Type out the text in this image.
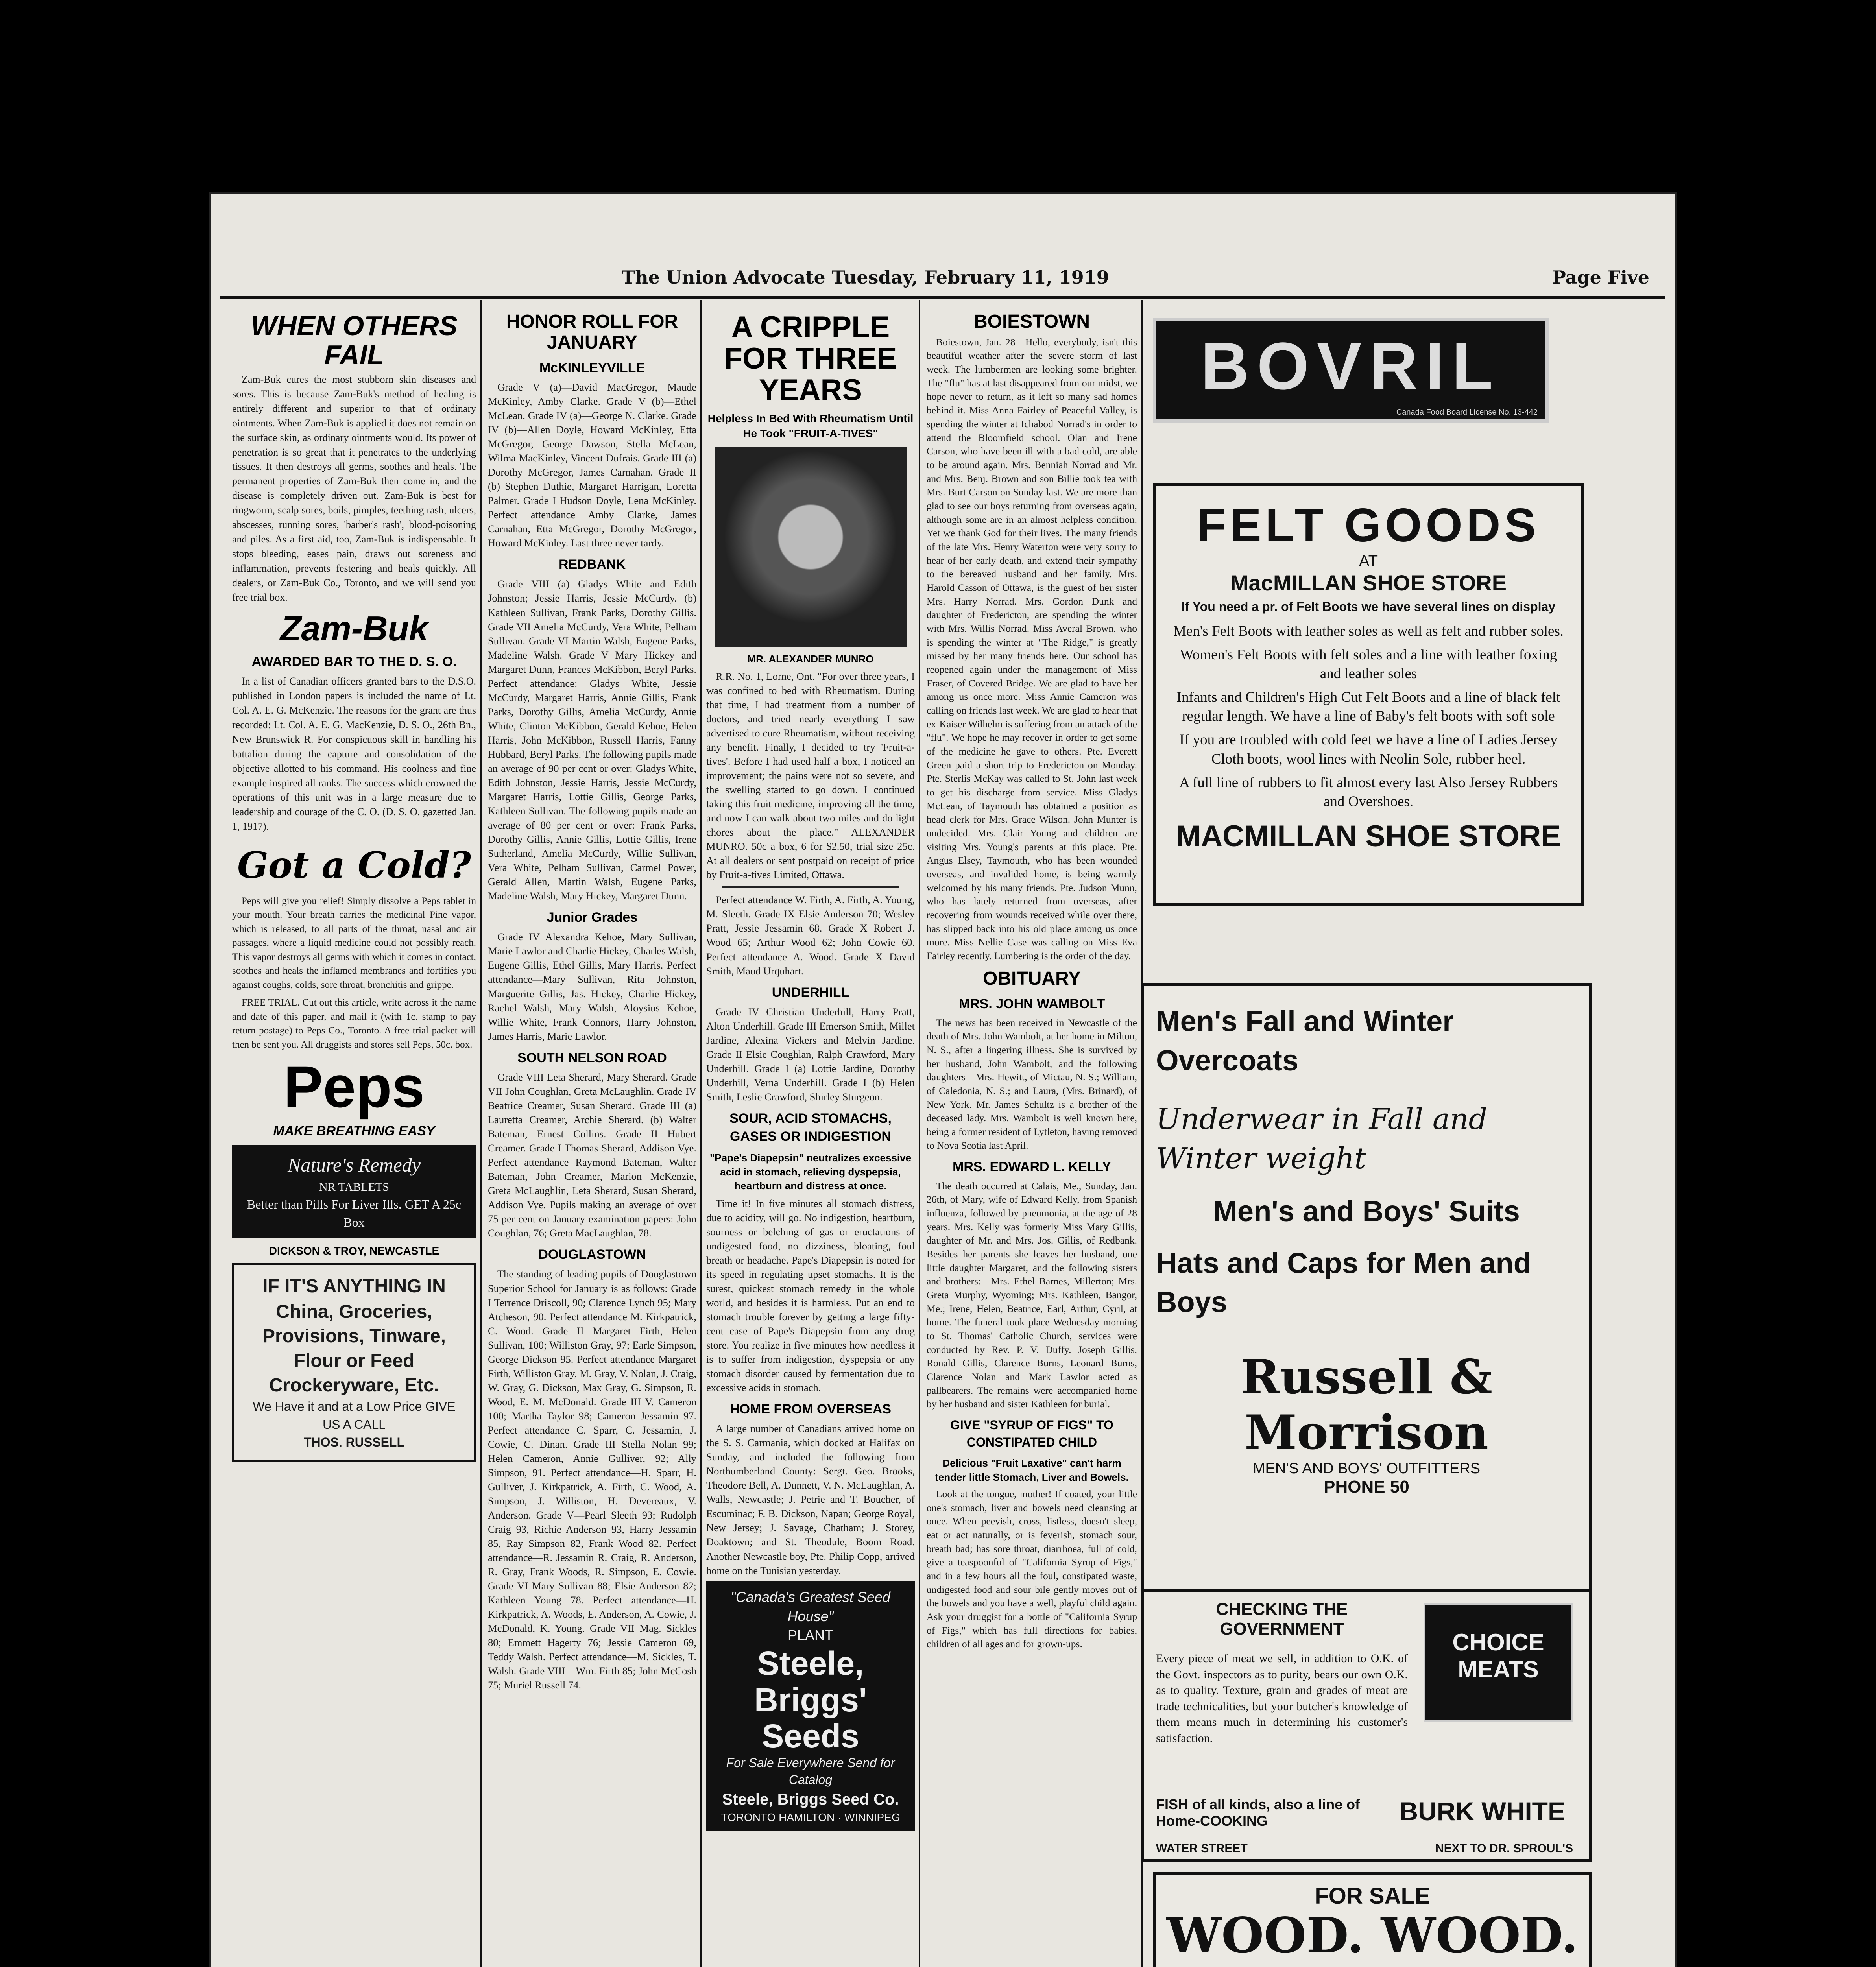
The Union Advocate Tuesday, February 11, 1919	Page Five
WHEN OTHERS FAIL

Zam-Buk cures the most stubborn skin diseases and sores. This is because Zam-Buk's method of healing is entirely different and superior to that of ordinary ointments. When Zam-Buk is applied it does not remain on the surface skin, as ordinary ointments would. Its power of penetration is so great that it penetrates to the underlying tissues. It then destroys all germs, soothes and heals. The permanent properties of Zam-Buk then come in, and the disease is completely driven out. Zam-Buk is best for ringworm, scalp sores, boils, pimples, teething rash, ulcers, abscesses, running sores, 'barber's rash', blood-poisoning and piles. As a first aid, too, Zam-Buk is indispensable. It stops bleeding, eases pain, draws out soreness and inflammation, prevents festering and heals quickly. All dealers, or Zam-Buk Co., Toronto, and we will send you free trial box.

Zam-Buk
AWARDED BAR TO THE D. S. O.

In a list of Canadian officers granted bars to the D.S.O. published in London papers is included the name of Lt. Col. A. E. G. McKenzie. The reasons for the grant are thus recorded: Lt. Col. A. E. G. MacKenzie, D. S. O., 26th Bn., New Brunswick R. For conspicuous skill in handling his battalion during the capture and consolidation of the objective allotted to his command. His coolness and fine example inspired all ranks. The success which crowned the operations of this unit was in a large measure due to leadership and courage of the C. O. (D. S. O. gazetted Jan. 1, 1917).

Got a Cold?

Peps will give you relief! Simply dissolve a Peps tablet in your mouth. Your breath carries the medicinal Pine vapor, which is released, to all parts of the throat, nasal and air passages, where a liquid medicine could not possibly reach. This vapor destroys all germs with which it comes in contact, soothes and heals the inflamed membranes and fortifies you against coughs, colds, sore throat, bronchitis and grippe.

FREE TRIAL. Cut out this article, write across it the name and date of this paper, and mail it (with 1c. stamp to pay return postage) to Peps Co., Toronto. A free trial packet will then be sent you. All druggists and stores sell Peps, 50c. box.

Peps
MAKE BREATHING EASY
Nature's Remedy
NR TABLETS
Better than Pills For Liver Ills. GET A 25c Box
DICKSON & TROY, NEWCASTLE
IF IT'S ANYTHING IN
China, Groceries, Provisions, Tinware, Flour or Feed Crockeryware, Etc.
We Have it and at a Low Price GIVE US A CALL
THOS. RUSSELL
HONOR ROLL FOR JANUARY
McKINLEYVILLE

Grade V (a)—David MacGregor, Maude McKinley, Amby Clarke. Grade V (b)—Ethel McLean. Grade IV (a)—George N. Clarke. Grade IV (b)—Allen Doyle, Howard McKinley, Etta McGregor, George Dawson, Stella McLean, Wilma MacKinley, Vincent Dufrais. Grade III (a) Dorothy McGregor, James Carnahan. Grade II (b) Stephen Duthie, Margaret Harrigan, Loretta Palmer. Grade I Hudson Doyle, Lena McKinley. Perfect attendance Amby Clarke, James Carnahan, Etta McGregor, Dorothy McGregor, Howard McKinley. Last three never tardy.

REDBANK

Grade VIII (a) Gladys White and Edith Johnston; Jessie Harris, Jessie McCurdy. (b) Kathleen Sullivan, Frank Parks, Dorothy Gillis. Grade VII Amelia McCurdy, Vera White, Pelham Sullivan. Grade VI Martin Walsh, Eugene Parks, Madeline Walsh. Grade V Mary Hickey and Margaret Dunn, Frances McKibbon, Beryl Parks. Perfect attendance: Gladys White, Jessie McCurdy, Margaret Harris, Annie Gillis, Frank Parks, Dorothy Gillis, Amelia McCurdy, Annie White, Clinton McKibbon, Gerald Kehoe, Helen Harris, John McKibbon, Russell Harris, Fanny Hubbard, Beryl Parks. The following pupils made an average of 90 per cent or over: Gladys White, Edith Johnston, Jessie Harris, Jessie McCurdy, Margaret Harris, Lottie Gillis, George Parks, Kathleen Sullivan. The following pupils made an average of 80 per cent or over: Frank Parks, Dorothy Gillis, Annie Gillis, Lottie Gillis, Irene Sutherland, Amelia McCurdy, Willie Sullivan, Vera White, Pelham Sullivan, Carmel Power, Gerald Allen, Martin Walsh, Eugene Parks, Madeline Walsh, Mary Hickey, Margaret Dunn.

Junior Grades

Grade IV Alexandra Kehoe, Mary Sullivan, Marie Lawlor and Charlie Hickey, Charles Walsh, Eugene Gillis, Ethel Gillis, Mary Harris. Perfect attendance—Mary Sullivan, Rita Johnston, Marguerite Gillis, Jas. Hickey, Charlie Hickey, Rachel Walsh, Mary Walsh, Aloysius Kehoe, Willie White, Frank Connors, Harry Johnston, James Harris, Marie Lawlor.

SOUTH NELSON ROAD

Grade VIII Leta Sherard, Mary Sherard. Grade VII John Coughlan, Greta McLaughlin. Grade IV Beatrice Creamer, Susan Sherard. Grade III (a) Lauretta Creamer, Archie Sherard. (b) Walter Bateman, Ernest Collins. Grade II Hubert Creamer. Grade I Thomas Sherard, Addison Vye. Perfect attendance Raymond Bateman, Walter Bateman, John Creamer, Marion McKenzie, Greta McLaughlin, Leta Sherard, Susan Sherard, Addison Vye. Pupils making an average of over 75 per cent on January examination papers: John Coughlan, 76; Greta MacLaughlan, 78.

DOUGLASTOWN

The standing of leading pupils of Douglastown Superior School for January is as follows: Grade I Terrence Driscoll, 90; Clarence Lynch 95; Mary Atcheson, 90. Perfect attendance M. Kirkpatrick, C. Wood. Grade II Margaret Firth, Helen Sullivan, 100; Williston Gray, 97; Earle Simpson, George Dickson 95. Perfect attendance Margaret Firth, Williston Gray, M. Gray, V. Nolan, J. Craig, W. Gray, G. Dickson, Max Gray, G. Simpson, R. Wood, E. M. McDonald. Grade III V. Cameron 100; Martha Taylor 98; Cameron Jessamin 97. Perfect attendance C. Sparr, C. Jessamin, J. Cowie, C. Dinan. Grade III Stella Nolan 99; Helen Cameron, Annie Gulliver, 92; Ally Simpson, 91. Perfect attendance—H. Sparr, H. Gulliver, J. Kirkpatrick, A. Firth, C. Wood, A. Simpson, J. Williston, H. Devereaux, V. Anderson. Grade V—Pearl Sleeth 93; Rudolph Craig 93, Richie Anderson 93, Harry Jessamin 85, Ray Simpson 82, Frank Wood 82. Perfect attendance—R. Jessamin R. Craig, R. Anderson, R. Gray, Frank Woods, R. Simpson, E. Cowie. Grade VI Mary Sullivan 88; Elsie Anderson 82; Kathleen Young 78. Perfect attendance—H. Kirkpatrick, A. Woods, E. Anderson, A. Cowie, J. McDonald, K. Young. Grade VII Mag. Sickles 80; Emmett Hagerty 76; Jessie Cameron 69, Teddy Walsh. Perfect attendance—M. Sickles, T. Walsh. Grade VIII—Wm. Firth 85; John McCosh 75; Muriel Russell 74.

A CRIPPLE FOR THREE YEARS
Helpless In Bed With Rheumatism Until He Took "FRUIT-A-TIVES"
MR. ALEXANDER MUNRO

R.R. No. 1, Lorne, Ont. "For over three years, I was confined to bed with Rheumatism. During that time, I had treatment from a number of doctors, and tried nearly everything I saw advertised to cure Rheumatism, without receiving any benefit. Finally, I decided to try 'Fruit-a-tives'. Before I had used half a box, I noticed an improvement; the pains were not so severe, and the swelling started to go down. I continued taking this fruit medicine, improving all the time, and now I can walk about two miles and do light chores about the place." ALEXANDER MUNRO. 50c a box, 6 for $2.50, trial size 25c. At all dealers or sent postpaid on receipt of price by Fruit-a-tives Limited, Ottawa.

Perfect attendance W. Firth, A. Firth, A. Young, M. Sleeth. Grade IX Elsie Anderson 70; Wesley Pratt, Jessie Jessamin 68. Grade X Robert J. Wood 65; Arthur Wood 62; John Cowie 60. Perfect attendance A. Wood. Grade X David Smith, Maud Urquhart.

UNDERHILL

Grade IV Christian Underhill, Harry Pratt, Alton Underhill. Grade III Emerson Smith, Millet Jardine, Alexina Vickers and Melvin Jardine. Grade II Elsie Coughlan, Ralph Crawford, Mary Underhill. Grade I (a) Lottie Jardine, Dorothy Underhill, Verna Underhill. Grade I (b) Helen Smith, Leslie Crawford, Shirley Sturgeon.

SOUR, ACID STOMACHS, GASES OR INDIGESTION
"Pape's Diapepsin" neutralizes excessive acid in stomach, relieving dyspepsia, heartburn and distress at once.

Time it! In five minutes all stomach distress, due to acidity, will go. No indigestion, heartburn, sourness or belching of gas or eructations of undigested food, no dizziness, bloating, foul breath or headache. Pape's Diapepsin is noted for its speed in regulating upset stomachs. It is the surest, quickest stomach remedy in the whole world, and besides it is harmless. Put an end to stomach trouble forever by getting a large fifty-cent case of Pape's Diapepsin from any drug store. You realize in five minutes how needless it is to suffer from indigestion, dyspepsia or any stomach disorder caused by fermentation due to excessive acids in stomach.

HOME FROM OVERSEAS

A large number of Canadians arrived home on the S. S. Carmania, which docked at Halifax on Sunday, and included the following from Northumberland County: Sergt. Geo. Brooks, Theodore Bell, A. Dunnett, V. N. McLaughlan, A. Walls, Newcastle; J. Petrie and T. Boucher, of Escuminac; F. B. Dickson, Napan; George Royal, New Jersey; J. Savage, Chatham; J. Storey, Doaktown; and St. Theodule, Boom Road. Another Newcastle boy, Pte. Philip Copp, arrived home on the Tunisian yesterday.

"Canada's Greatest Seed House"
PLANT
Steele, Briggs' Seeds
For Sale Everywhere Send for Catalog
Steele, Briggs Seed Co.
TORONTO HAMILTON · WINNIPEG
BOIESTOWN

Boiestown, Jan. 28—Hello, everybody, isn't this beautiful weather after the severe storm of last week. The lumbermen are looking some brighter. The "flu" has at last disappeared from our midst, we hope never to return, as it left so many sad homes behind it. Miss Anna Fairley of Peaceful Valley, is spending the winter at Ichabod Norrad's in order to attend the Bloomfield school. Olan and Irene Carson, who have been ill with a bad cold, are able to be around again. Mrs. Benniah Norrad and Mr. and Mrs. Benj. Brown and son Billie took tea with Mrs. Burt Carson on Sunday last. We are more than glad to see our boys returning from overseas again, although some are in an almost helpless condition. Yet we thank God for their lives. The many friends of the late Mrs. Henry Waterton were very sorry to hear of her early death, and extend their sympathy to the bereaved husband and her family. Mrs. Harold Casson of Ottawa, is the guest of her sister Mrs. Harry Norrad. Mrs. Gordon Dunk and daughter of Fredericton, are spending the winter with Mrs. Willis Norrad. Miss Averal Brown, who is spending the winter at "The Ridge," is greatly missed by her many friends here. Our school has reopened again under the management of Miss Fraser, of Covered Bridge. We are glad to have her among us once more. Miss Annie Cameron was calling on friends last week. We are glad to hear that ex-Kaiser Wilhelm is suffering from an attack of the "flu". We hope he may recover in order to get some of the medicine he gave to others. Pte. Everett Green paid a short trip to Fredericton on Monday. Pte. Sterlis McKay was called to St. John last week to get his discharge from service. Miss Gladys McLean, of Taymouth has obtained a position as head clerk for Mrs. Grace Wilson. John Munter is undecided. Mrs. Clair Young and children are visiting Mrs. Young's parents at this place. Pte. Angus Elsey, Taymouth, who has been wounded overseas, and invalided home, is being warmly welcomed by his many friends. Pte. Judson Munn, who has lately returned from overseas, after recovering from wounds received while over there, has slipped back into his old place among us once more. Miss Nellie Case was calling on Miss Eva Fairley recently. Lumbering is the order of the day.

OBITUARY
MRS. JOHN WAMBOLT

The news has been received in Newcastle of the death of Mrs. John Wambolt, at her home in Milton, N. S., after a lingering illness. She is survived by her husband, John Wambolt, and the following daughters—Mrs. Hewitt, of Mictau, N. S.; William, of Caledonia, N. S.; and Laura, (Mrs. Brinard), of New York. Mr. James Schultz is a brother of the deceased lady. Mrs. Wambolt is well known here, being a former resident of Lytleton, having removed to Nova Scotia last April.

MRS. EDWARD L. KELLY

The death occurred at Calais, Me., Sunday, Jan. 26th, of Mary, wife of Edward Kelly, from Spanish influenza, followed by pneumonia, at the age of 28 years. Mrs. Kelly was formerly Miss Mary Gillis, daughter of Mr. and Mrs. Jos. Gillis, of Redbank. Besides her parents she leaves her husband, one little daughter Margaret, and the following sisters and brothers:—Mrs. Ethel Barnes, Millerton; Mrs. Greta Murphy, Wyoming; Mrs. Kathleen, Bangor, Me.; Irene, Helen, Beatrice, Earl, Arthur, Cyril, at home. The funeral took place Wednesday morning to St. Thomas' Catholic Church, services were conducted by Rev. P. V. Duffy. Joseph Gillis, Ronald Gillis, Clarence Burns, Leonard Burns, Clarence Nolan and Mark Lawlor acted as pallbearers. The remains were accompanied home by her husband and sister Kathleen for burial.

GIVE "SYRUP OF FIGS" TO CONSTIPATED CHILD
Delicious "Fruit Laxative" can't harm tender little Stomach, Liver and Bowels.

Look at the tongue, mother! If coated, your little one's stomach, liver and bowels need cleansing at once. When peevish, cross, listless, doesn't sleep, eat or act naturally, or is feverish, stomach sour, breath bad; has sore throat, diarrhoea, full of cold, give a teaspoonful of "California Syrup of Figs," and in a few hours all the foul, constipated waste, undigested food and sour bile gently moves out of the bowels and you have a well, playful child again. Ask your druggist for a bottle of "California Syrup of Figs," which has full directions for babies, children of all ages and for grown-ups.

BOVRIL
Canada Food Board License No. 13-442
FELT GOODS
AT
MacMILLAN SHOE STORE
If You need a pr. of Felt Boots we have several lines on display

Men's Felt Boots with leather soles as well as felt and rubber soles.

Women's Felt Boots with felt soles and a line with leather foxing and leather soles

Infants and Children's High Cut Felt Boots and a line of black felt regular length. We have a line of Baby's felt boots with soft sole

If you are troubled with cold feet we have a line of Ladies Jersey Cloth boots, wool lines with Neolin Sole, rubber heel.

A full line of rubbers to fit almost every last Also Jersey Rubbers and Overshoes.

MACMILLAN SHOE STORE
Men's Fall and Winter Overcoats
Underwear in Fall and Winter weight
Men's and Boys' Suits
Hats and Caps for Men and Boys
Russell & Morrison
MEN'S AND BOYS' OUTFITTERS
PHONE 50
CHECKING THE GOVERNMENT
Every piece of meat we sell, in addition to O.K. of the Govt. inspectors as to purity, bears our own O.K. as to quality. Texture, grain and grades of meat are trade technicalities, but your butcher's knowledge of them means much in determining his customer's satisfaction.
CHOICE MEATS
FISH of all kinds, also a line of Home-COOKING	BURK WHITE
WATER STREET	NEXT TO DR. SPROUL'S
FOR SALE
WOOD. WOOD.
